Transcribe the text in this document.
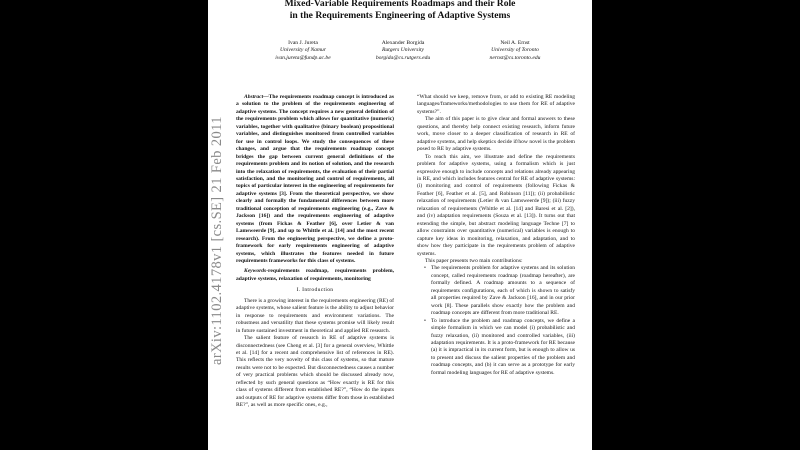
Mixed-Variable Requirements Roadmaps and their Role
in the Requirements Engineering of Adaptive Systems
Ivan J. Jureta
University of Namur
ivan.jureta@fundp.ac.be
Alexander Borgida
Rutgers University
borgida@cs.rutgers.edu
Neil A. Ernst
University of Toronto
nernst@cs.toronto.edu

Abstract—The requirements roadmap concept is introduced as a solution to the problem of the requirements engineering of adaptive systems. The concept requires a new general definition of the requirements problem which allows for quantitative (numeric) variables, together with qualitative (binary boolean) propositional variables, and distinguishes monitored from controlled variables for use in control loops. We study the consequences of these changes, and argue that the requirements roadmap concept bridges the gap between current general definitions of the requirements problem and its notion of solution, and the research into the relaxation of requirements, the evaluation of their partial satisfaction, and the monitoring and control of requirements, all topics of particular interest in the engineering of requirements for adaptive systems [3]. From the theoretical perspective, we show clearly and formally the fundamental differences between more traditional conception of requirements engineering (e.g., Zave & Jackson [16]) and the requirements engineering of adaptive systems (from Fickas & Feather [6], over Letier & van Lamsweerde [9], and up to Whittle et al. [14] and the most recent research). From the engineering perspective, we define a proto-framework for early requirements engineering of adaptive systems, which illustrates the features needed in future requirements frameworks for this class of systems.

Keywords-requirements roadmap, requirements problem, adaptive systems, relaxation of requirements, monitoring

I. Introduction

There is a growing interest in the requirements engineering (RE) of adaptive systems, whose salient feature is the ability to adjust behavior in response to requirements and environment variations. The robustness and versatility that these systems promise will likely result in future sustained investment in theoretical and applied RE research.

The salient feature of research in RE of adaptive systems is disconnectedness (see Cheng et al. [3] for a general overview, Whittle et al. [14] for a recent and comprehensive list of references in RE). This reflects the very novelty of this class of systems, so that mature results were not to be expected. But disconnectedness causes a number of very practical problems which should be discussed already now, reflected by such general questions as “How exactly is RE for this class of systems different from established RE?”, “How do the inputs and outputs of RE for adaptive systems differ from those in established RE?”, as well as more specific ones, e.g.,

“What should we keep, remove from, or add to existing RE modeling languages/frameworks/methodologies to use them for RE of adaptive systems?”.

The aim of this paper is to give clear and formal answers to these questions, and thereby help connect existing research, inform future work, move closer to a deeper classification of research in RE of adaptive systems, and help skeptics decide if/how novel is the problem posed to RE by adaptive systems.

To reach this aim, we illustrate and define the requirements problem for adaptive systems, using a formalism which is just expressive enough to include concepts and relations already appearing in RE, and which includes features central for RE of adaptive systems: (i) monitoring and control of requirements (following Fickas & Feather [6], Feather et al. [5], and Robinson [11]); (ii) probabilistic relaxation of requirements (Letier & van Lamsweerde [9]); (iii) fuzzy relaxation of requirements (Whittle et al. [14] and Baresi et al. [2]), and (iv) adaptation requirements (Souza et al. [13]). It turns out that extending the simple, but abstract modeling language Techne [7] to allow constraints over quantitative (numerical) variables is enough to capture key ideas in monitoring, relaxation, and adaptation, and to show how they participate in the requirements problem of adaptive systems.

This paper presents two main contributions:

• The requirements problem for adaptive systems and its solution concept, called requirements roadmap (roadmap hereafter), are formally defined. A roadmap amounts to a sequence of requirements configurations, each of which is shown to satisfy all properties required by Zave & Jackson [16], and in our prior work [8]. These parallels show exactly how the problem and roadmap concepts are different from more traditional RE.
• To introduce the problem and roadmap concepts, we define a simple formalism in which we can model (i) probabilistic and fuzzy relaxation, (ii) monitored and controlled variables, (iii) adaptation requirements. It is a proto-framework for RE because (a) it is impractical in its current form, but is enough to allow us to present and discuss the salient properties of the problem and roadmap concepts, and (b) it can serve as a prototype for early formal modeling languages for RE of adaptive systems.
arXiv:1102.4178v1 [cs.SE] 21 Feb 2011
